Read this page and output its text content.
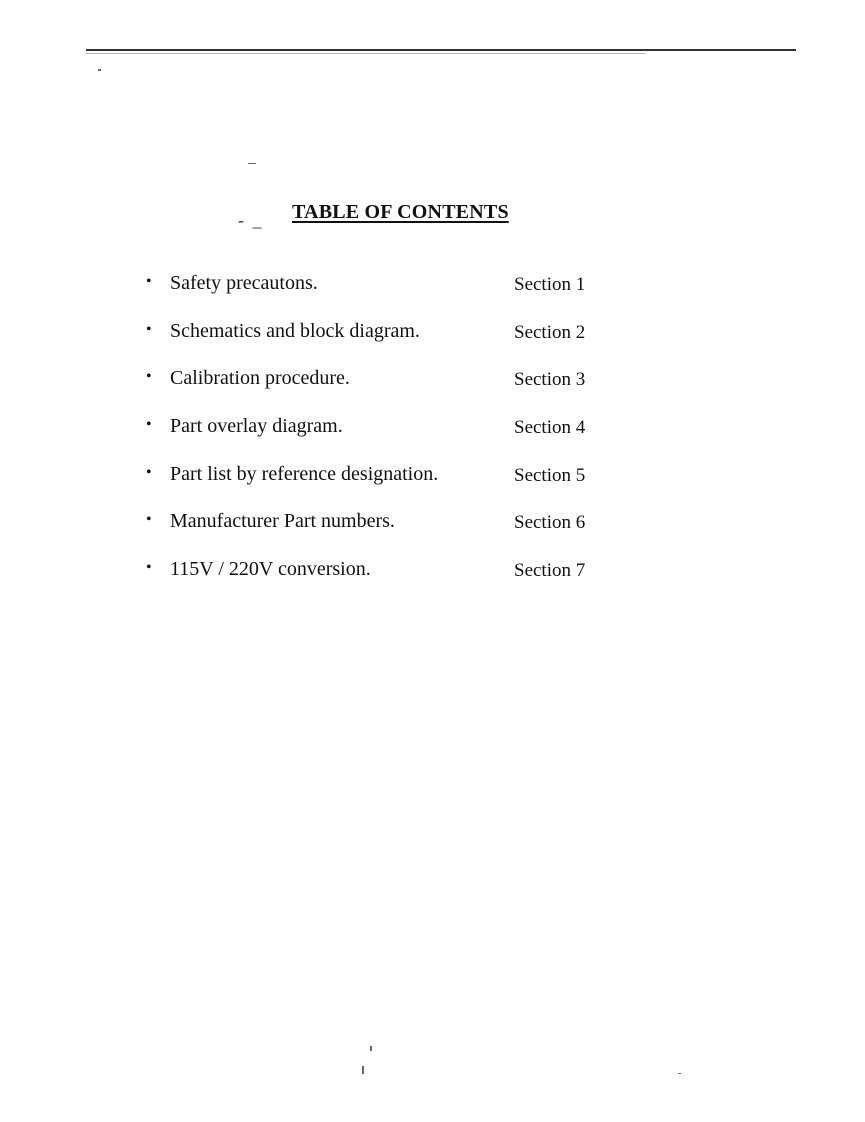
- _ TABLE OF CONTENTS
• Safety precautons.	Section 1
• Schematics and block diagram.	Section 2
• Calibration procedure.	Section 3
• Part overlay diagram.	Section 4
• Part list by reference designation.	Section 5
• Manufacturer Part numbers.	Section 6
• 115V / 220V conversion.	Section 7
